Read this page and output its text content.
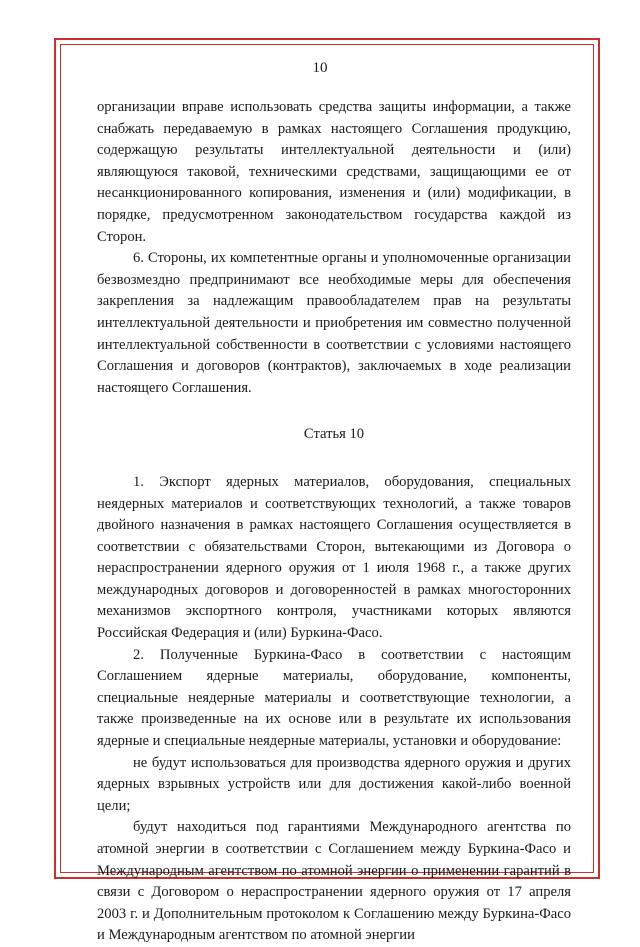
10

организации вправе использовать средства защиты информации, а также снабжать передаваемую в рамках настоящего Соглашения продукцию, содержащую результаты интеллектуальной деятельности и (или) являющуюся таковой, техническими средствами, защищающими ее от несанкционированного копирования, изменения и (или) модификации, в порядке, предусмотренном законодательством государства каждой из Сторон.

6. Стороны, их компетентные органы и уполномоченные организации безвозмездно предпринимают все необходимые меры для обеспечения закрепления за надлежащим правообладателем прав на результаты интеллектуальной деятельности и приобретения им совместно полученной интеллектуальной собственности в соответствии с условиями настоящего Соглашения и договоров (контрактов), заключаемых в ходе реализации настоящего Соглашения.

Статья 10

1. Экспорт ядерных материалов, оборудования, специальных неядерных материалов и соответствующих технологий, а также товаров двойного назначения в рамках настоящего Соглашения осуществляется в соответствии с обязательствами Сторон, вытекающими из Договора о нераспространении ядерного оружия от 1 июля 1968 г., а также других международных договоров и договоренностей в рамках многосторонних механизмов экспортного контроля, участниками которых являются Российская Федерация и (или) Буркина-Фасо.

2. Полученные Буркина-Фасо в соответствии с настоящим Соглашением ядерные материалы, оборудование, компоненты, специальные неядерные материалы и соответствующие технологии, а также произведенные на их основе или в результате их использования ядерные и специальные неядерные материалы, установки и оборудование:

не будут использоваться для производства ядерного оружия и других ядерных взрывных устройств или для достижения какой-либо военной цели;

будут находиться под гарантиями Международного агентства по атомной энергии в соответствии с Соглашением между Буркина-Фасо и Международным агентством по атомной энергии о применении гарантий в связи с Договором о нераспространении ядерного оружия от 17 апреля 2003 г. и Дополнительным протоколом к Соглашению между Буркина-Фасо и Международным агентством по атомной энергии
